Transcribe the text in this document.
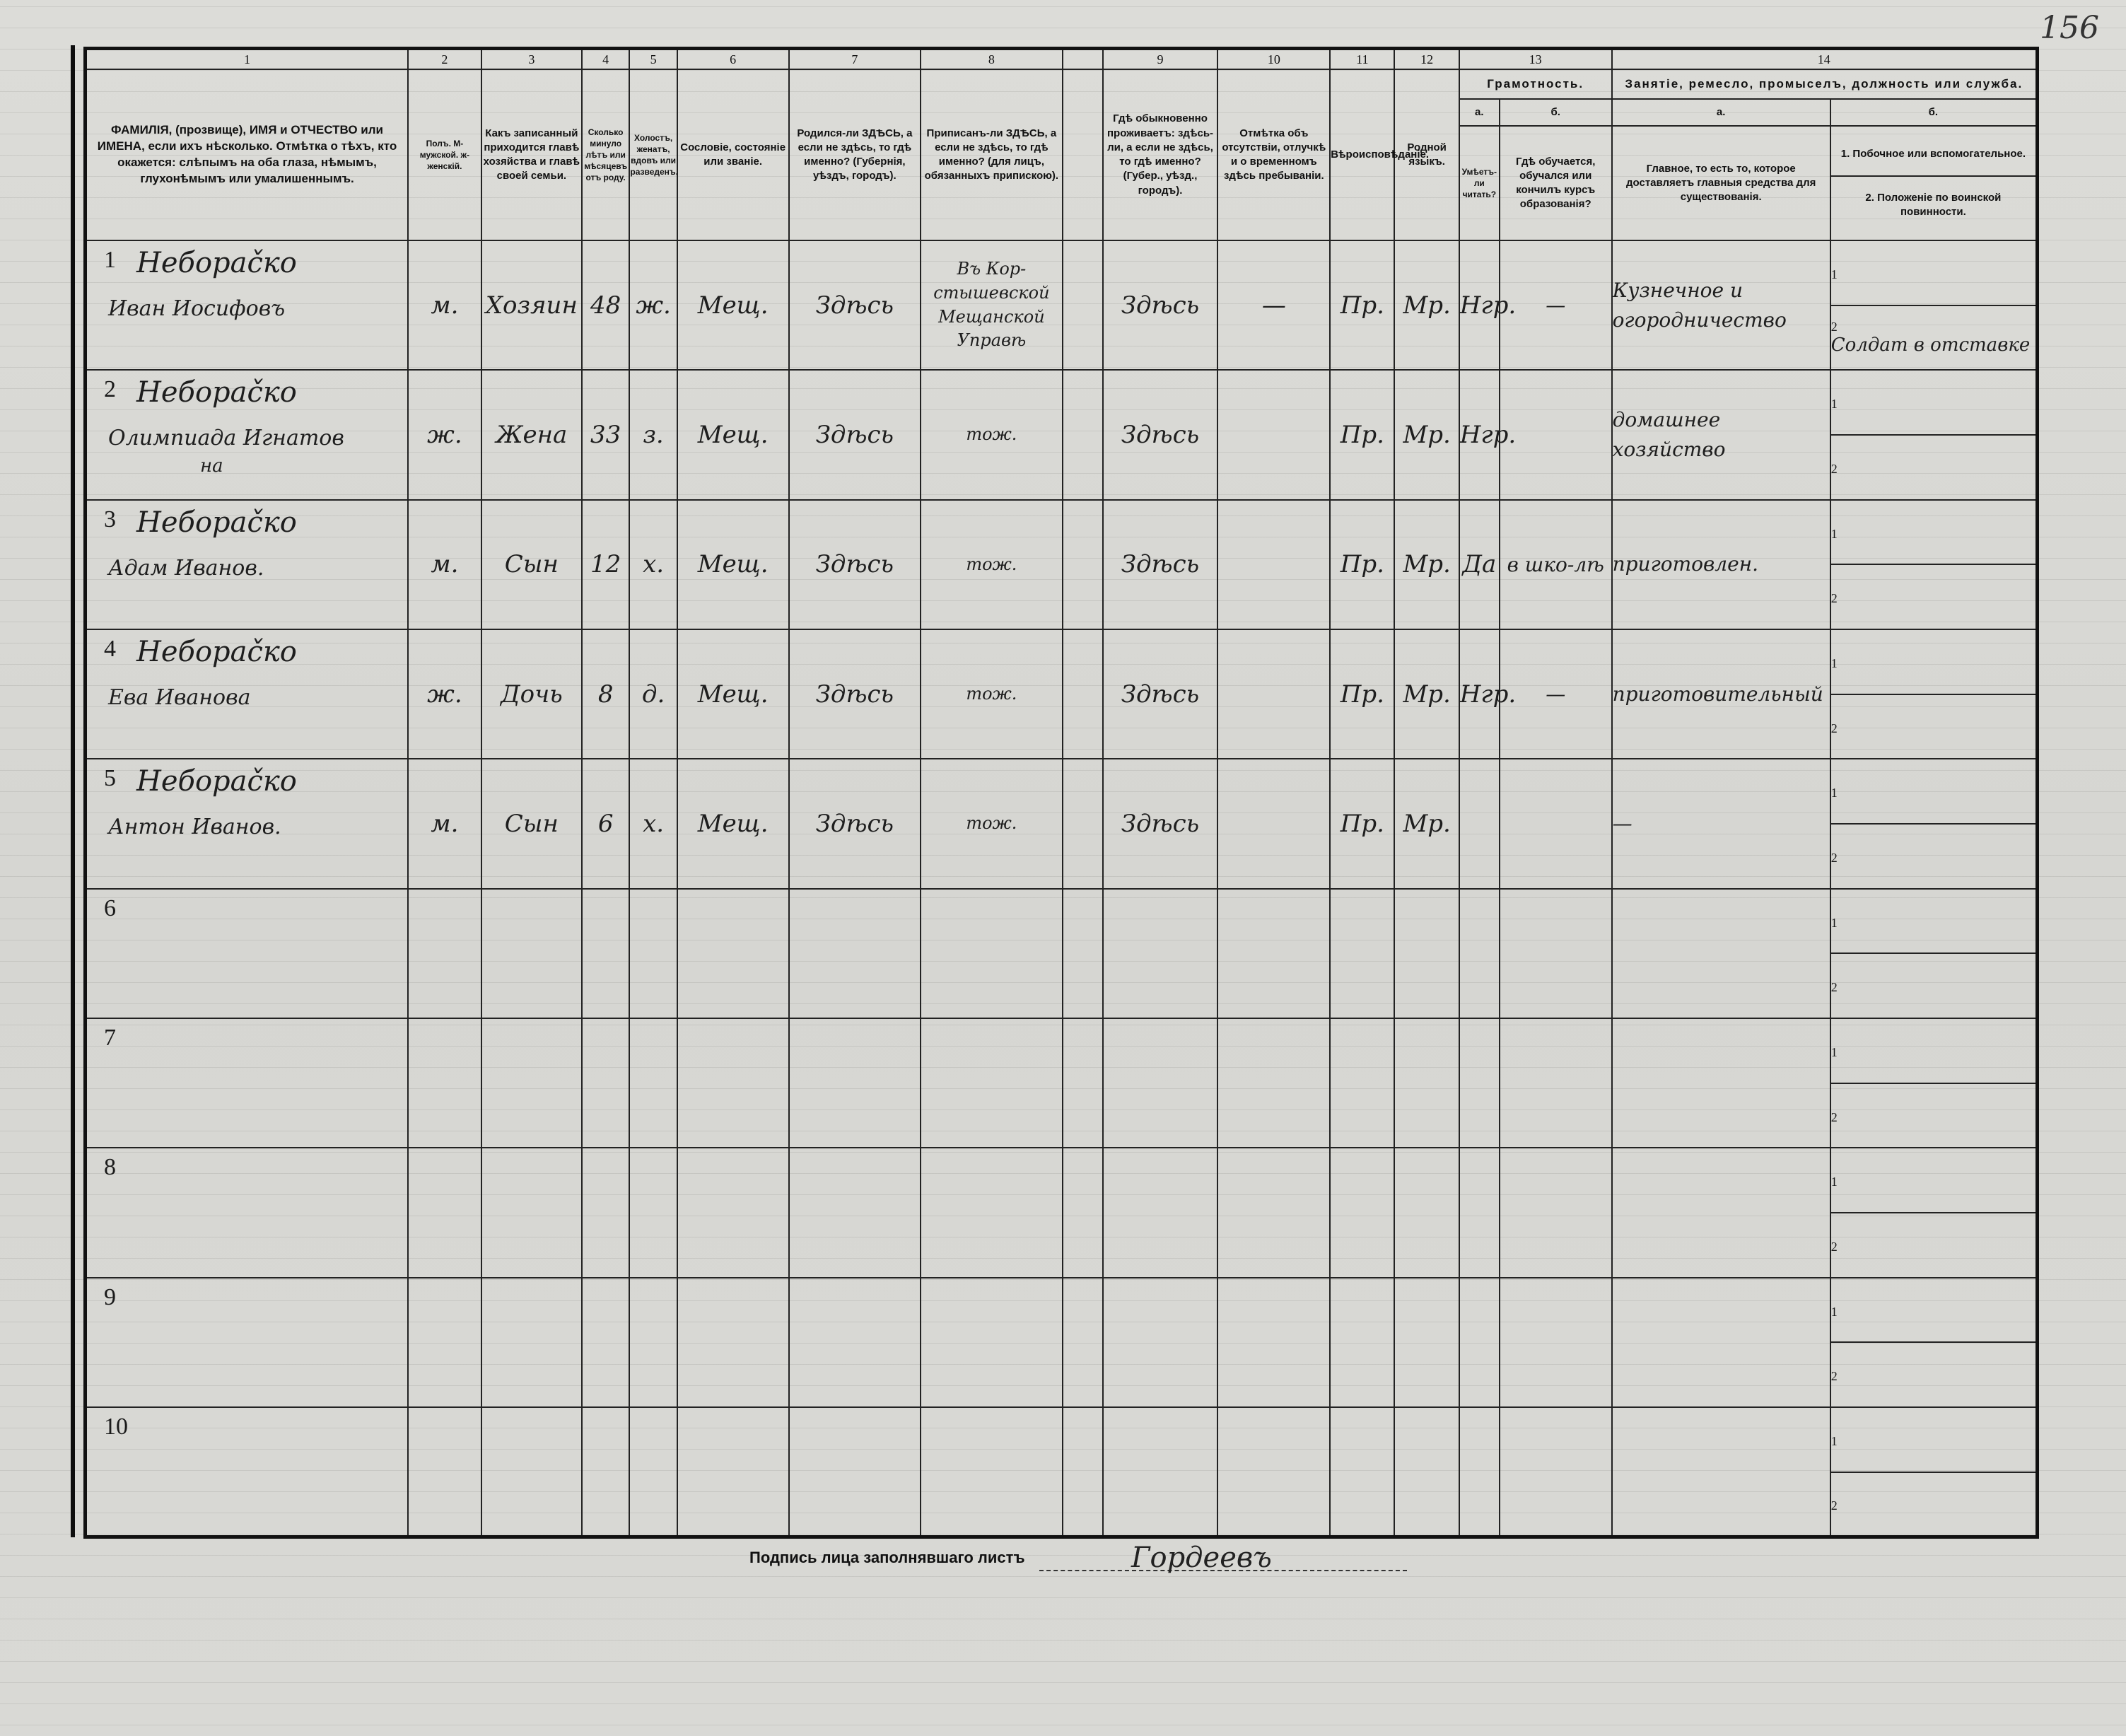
156
1	2	3	4	5	6	7	8		9	10	11	12	13		14	
ФАМИЛІЯ, (прозвище), ИМЯ и ОТЧЕСТВО или ИМЕНА, если ихъ нѣсколько. Отмѣтка о тѣхъ, кто окажется: слѣпымъ на оба глаза, нѣмымъ, глухонѣмымъ или умалишеннымъ.	Полъ. М-мужской. ж-женскій.	Какъ записанный приходится главѣ хозяйства и главѣ своей семьи.	Сколько минуло лѣтъ или мѣсяцевъ отъ роду.	Холостъ, женатъ, вдовъ или разведенъ.	Сословіе, состояніе или званіе.	Родился-ли ЗДѢСЬ, а если не здѣсь, то гдѣ именно? (Губернія, уѣздъ, городъ).	Приписанъ-ли ЗДѢСЬ, а если не здѣсь, то гдѣ именно? (для лицъ, обязанныхъ припискою).		Гдѣ обыкновенно проживаетъ: здѣсь-ли, а если не здѣсь, то гдѣ именно? (Губер., уѣзд., городъ).	Отмѣтка объ отсутствіи, отлучкѣ и о временномъ здѣсь пребываніи.	Вѣроисповѣданіе.	Родной языкъ.	Грамотность.		Занятіе, ремесло, промыселъ, должность или служба.	
													а.	б.	а.	б.
													Умѣетъ-ли читать?	Гдѣ обучается, обучался или кончилъ курсъ образованія?	Главное, то есть то, которое доставляетъ главныя средства для существованія.	1. Побочное или вспомогательное.
2. Положеніе по воинской повинности.

1 Небораčко
Иван Иосифовъ	м.	Хозяин	48	ж.	Мещ.	Здѣсь	Въ Кор-стышевской Мещанской Управѣ		Здѣсь	—	Пр.	Мр.	Нгр.	—	Кузнечное и огородничество	1
																2 Солдат в отставке

2 Небораčко
Олимпиада Игнатов
на	ж.	Жена	33	з.	Мещ.	Здѣсь	тож.		Здѣсь		Пр.	Мр.	Нгр.		домашнее хозяйство	1
																2

3 Небораčко
Адам Иванов.	м.	Сын	12	х.	Мещ.	Здѣсь	тож.		Здѣсь		Пр.	Мр.	Да	в шко-лѣ	приготовлен.	1
																2

4 Небораčко
Ева Иванова	ж.	Дочь	8	д.	Мещ.	Здѣсь	тож.		Здѣсь		Пр.	Мр.	Нгр.	—	приготовительный	1
																2

5 Небораčко
Антон Иванов.	м.	Сын	6	х.	Мещ.	Здѣсь	тож.		Здѣсь		Пр.	Мр.			—	1
																2

6																1
																2

7																1
																2

8																1
																2

9																1
																2

10																1
																2
Подпись лица заполнявшаго листъ	Гордеевъ
